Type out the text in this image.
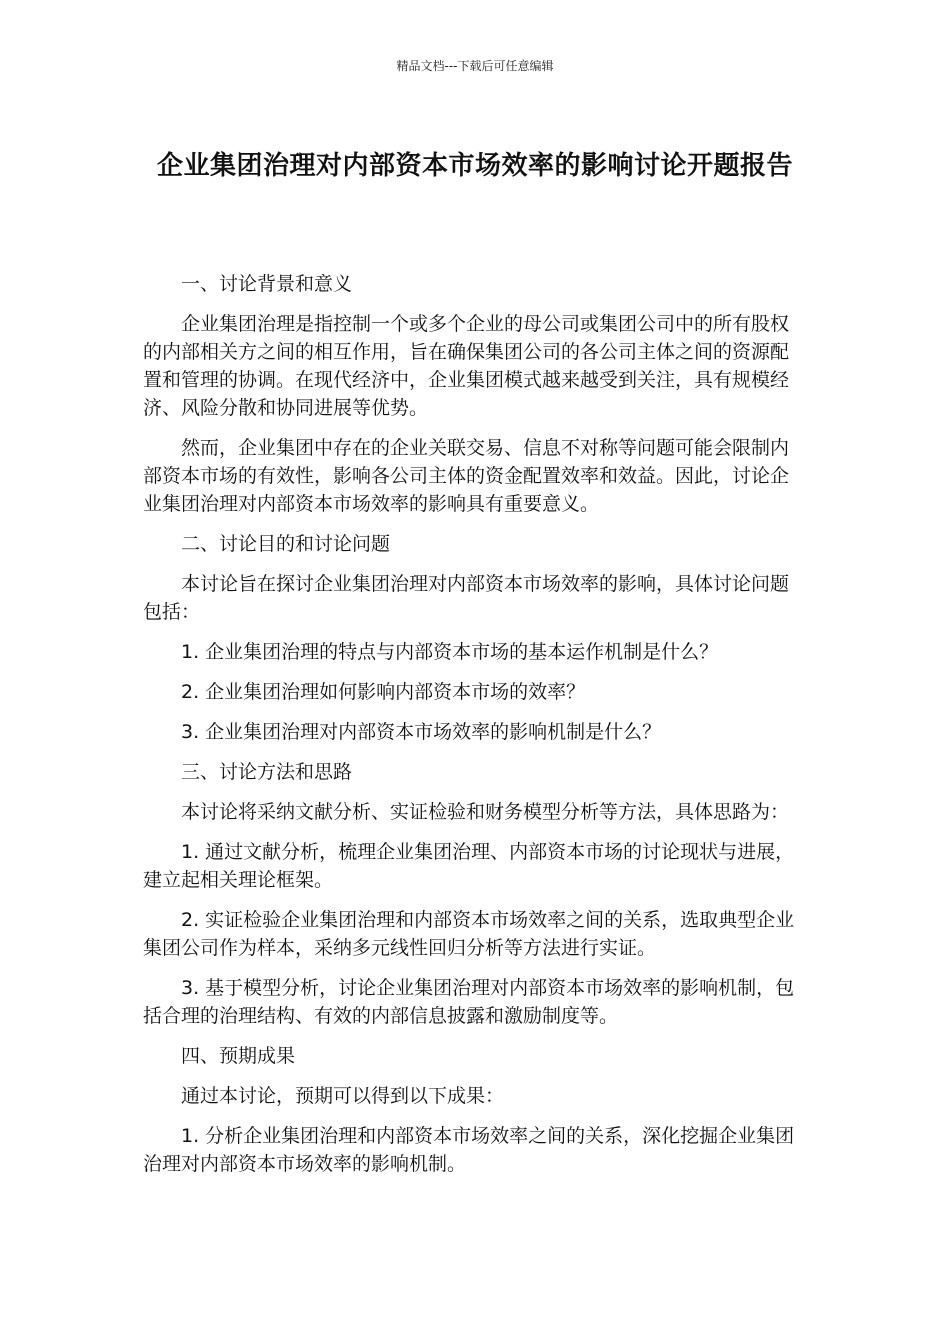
精品文档---下载后可任意编辑
企业集团治理对内部资本市场效率的影响讨论开题报告

一、讨论背景和意义

企业集团治理是指控制一个或多个企业的母公司或集团公司中的所有股权的内部相关方之间的相互作用，旨在确保集团公司的各公司主体之间的资源配置和管理的协调。在现代经济中，企业集团模式越来越受到关注，具有规模经济、风险分散和协同进展等优势。

然而，企业集团中存在的企业关联交易、信息不对称等问题可能会限制内部资本市场的有效性，影响各公司主体的资金配置效率和效益。因此，讨论企业集团治理对内部资本市场效率的影响具有重要意义。

二、讨论目的和讨论问题

本讨论旨在探讨企业集团治理对内部资本市场效率的影响，具体讨论问题包括：

1. 企业集团治理的特点与内部资本市场的基本运作机制是什么？

2. 企业集团治理如何影响内部资本市场的效率？

3. 企业集团治理对内部资本市场效率的影响机制是什么？

三、讨论方法和思路

本讨论将采纳文献分析、实证检验和财务模型分析等方法，具体思路为：

1. 通过文献分析，梳理企业集团治理、内部资本市场的讨论现状与进展，建立起相关理论框架。

2. 实证检验企业集团治理和内部资本市场效率之间的关系，选取典型企业集团公司作为样本，采纳多元线性回归分析等方法进行实证。

3. 基于模型分析，讨论企业集团治理对内部资本市场效率的影响机制，包括合理的治理结构、有效的内部信息披露和激励制度等。

四、预期成果

通过本讨论，预期可以得到以下成果：

1. 分析企业集团治理和内部资本市场效率之间的关系，深化挖掘企业集团治理对内部资本市场效率的影响机制。
